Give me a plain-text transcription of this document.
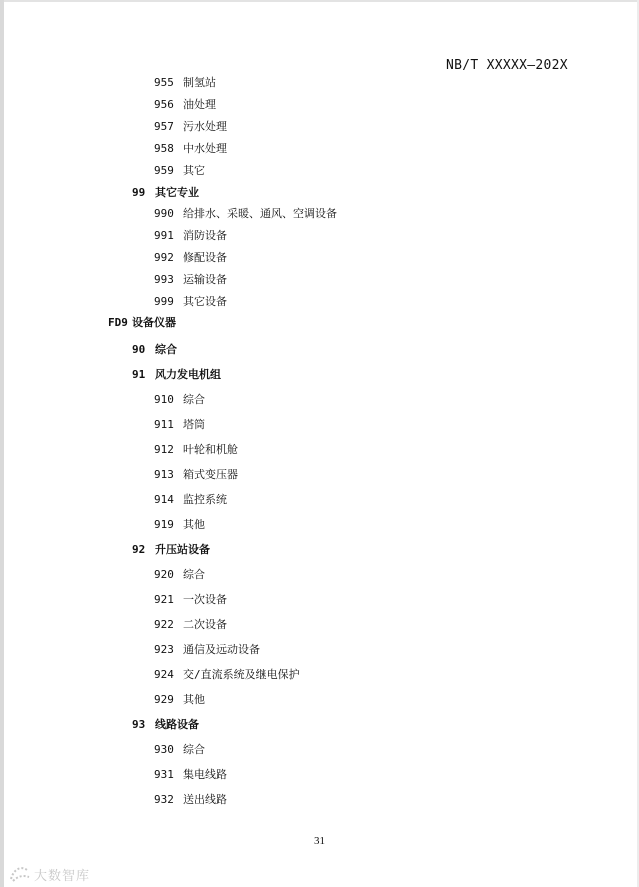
NB/T XXXXX—202X
955 制氢站
956 油处理
957 污水处理
958 中水处理
959 其它
99 其它专业
990 给排水、采暖、通风、空调设备
991 消防设备
992 修配设备
993 运输设备
999 其它设备
FD9 设备仪器
90 综合
91 风力发电机组
910 综合
911 塔筒
912 叶轮和机舱
913 箱式变压器
914 监控系统
919 其他
92 升压站设备
920 综合
921 一次设备
922 二次设备
923 通信及远动设备
924 交/直流系统及继电保护
929 其他
93 线路设备
930 综合
931 集电线路
932 送出线路
31
大数智库
